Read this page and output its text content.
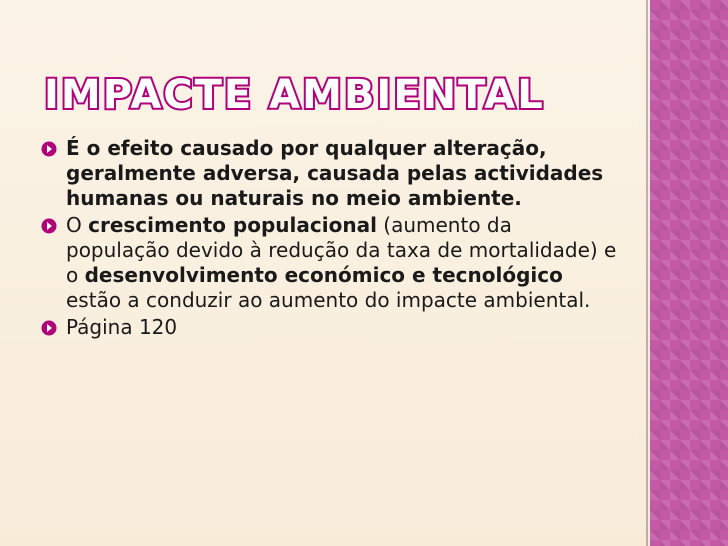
IMPACTE AMBIENTAL
É o efeito causado por qualquer alteração, geralmente adversa, causada pelas actividades humanas ou naturais no meio ambiente.
O crescimento populacional (aumento da população devido à redução da taxa de mortalidade) e o desenvolvimento económico e tecnológico estão a conduzir ao aumento do impacte ambiental.
Página 120
